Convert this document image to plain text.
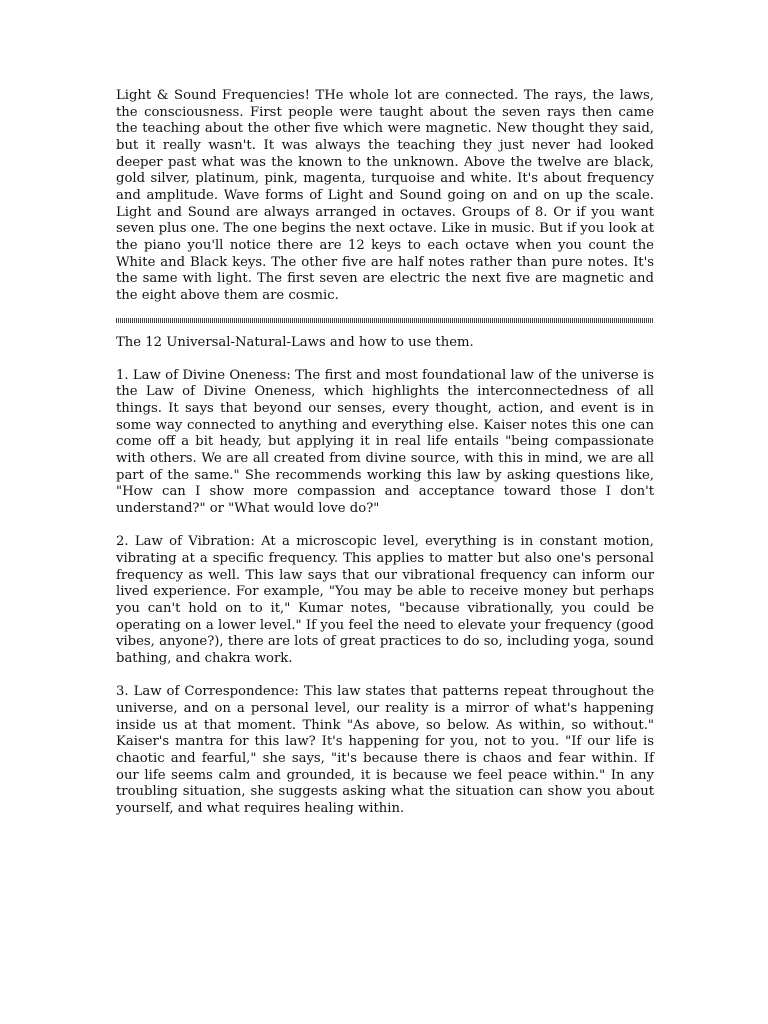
Light & Sound Frequencies! THe whole lot are connected. The rays, the laws, the consciousness. First people were taught about the seven rays then came the teaching about the other five which were magnetic. New thought they said, but it really wasn't. It was always the teaching they just never had looked deeper past what was the known to the unknown. Above the twelve are black, gold silver, platinum, pink, magenta, turquoise and white. It's about frequency and amplitude. Wave forms of Light and Sound going on and on up the scale. Light and Sound are always arranged in octaves. Groups of 8. Or if you want seven plus one. The one begins the next octave. Like in music. But if you look at the piano you'll notice there are 12 keys to each octave when you count the White and Black keys. The other five are half notes rather than pure notes. It's the same with light. The first seven are electric the next five are magnetic and the eight above them are cosmic.

The 12 Universal-Natural-Laws and how to use them.

1. Law of Divine Oneness: The first and most foundational law of the universe is the Law of Divine Oneness, which highlights the interconnectedness of all things. It says that beyond our senses, every thought, action, and event is in some way connected to anything and everything else. Kaiser notes this one can come off a bit heady, but applying it in real life entails "being compassionate with others. We are all created from divine source, with this in mind, we are all part of the same." She recommends working this law by asking questions like, "How can I show more compassion and acceptance toward those I don't understand?" or "What would love do?"

2. Law of Vibration: At a microscopic level, everything is in constant motion, vibrating at a specific frequency. This applies to matter but also one's personal frequency as well. This law says that our vibrational frequency can inform our lived experience. For example, "You may be able to receive money but perhaps you can't hold on to it," Kumar notes, "because vibrationally, you could be operating on a lower level." If you feel the need to elevate your frequency (good vibes, anyone?), there are lots of great practices to do so, including yoga, sound bathing, and chakra work.

3. Law of Correspondence: This law states that patterns repeat throughout the universe, and on a personal level, our reality is a mirror of what's happening inside us at that moment. Think "As above, so below. As within, so without." Kaiser's mantra for this law? It's happening for you, not to you. "If our life is chaotic and fearful," she says, "it's because there is chaos and fear within. If our life seems calm and grounded, it is because we feel peace within." In any troubling situation, she suggests asking what the situation can show you about yourself, and what requires healing within.
